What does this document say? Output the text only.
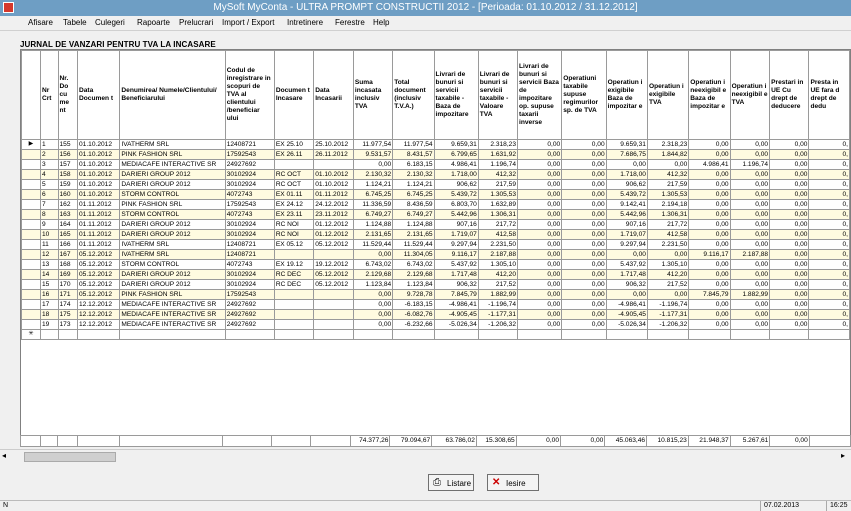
MySoft MyConta - ULTRA PROMPT CONSTRUCTII 2012 - [Perioada: 01.10.2012 / 31.12.2012]
Afisare Tabele Culegeri Rapoarte Prelucrari Import / Export Intretinere Ferestre Help
JURNAL DE VANZARI PENTRU TVA LA INCASARE
	Nr Crt	Nr. Do cu me nt	Data Documen t	Denumirea/ Numele/Clientului/ Beneficiarului	Codul de inregistrare in scopuri de TVA al clientului /beneficiar ului	Documen t Incasare	Data Incasarii	Suma incasata inclusiv TVA	Total document (inclusiv T.V.A.)	Livrari de bunuri si servicii taxabile - Baza de impozitare	Livrari de bunuri si servicii taxabile - Valoare TVA	Livrari de bunuri si servicii Baza de impozitare op. supuse taxarii inverse	Operatiuni taxabile supuse regimurilor sp. de TVA	Operatiun i exigibile Baza de impozitar e	Operatiun i exigibile TVA	Operatiun i neexigibil e Baza de impozitar e	Operatiun i neexigibil e TVA	Prestari in UE Cu drept de deducere	Presta in UE fara d drept de dedu
▶	1	155	01.10.2012	IVATHERM SRL	12408721	EX 25.10	25.10.2012	11.977,54	11.977,54	9.659,31	2.318,23	0,00	0,00	9.659,31	2.318,23	0,00	0,00	0,00	0,
	2	156	01.10.2012	PINK FASHION SRL	17592543	EX 26.11	26.11.2012	9.531,57	8.431,57	6.799,65	1.631,92	0,00	0,00	7.686,75	1.844,82	0,00	0,00	0,00	0,
	3	157	01.10.2012	MEDIACAFE INTERACTIVE SR	24927692			0,00	6.183,15	4.986,41	1.196,74	0,00	0,00	0,00	0,00	4.986,41	1.196,74	0,00	0,
	4	158	01.10.2012	DARIERI GROUP 2012	30102924	RC OCT	01.10.2012	2.130,32	2.130,32	1.718,00	412,32	0,00	0,00	1.718,00	412,32	0,00	0,00	0,00	0,
	5	159	01.10.2012	DARIERI GROUP 2012	30102924	RC OCT	01.10.2012	1.124,21	1.124,21	906,62	217,59	0,00	0,00	906,62	217,59	0,00	0,00	0,00	0,
	6	160	01.10.2012	STORM CONTROL	4072743	EX 01.11	01.11.2012	6.745,25	6.745,25	5.439,72	1.305,53	0,00	0,00	5.439,72	1.305,53	0,00	0,00	0,00	0,
	7	162	01.11.2012	PINK FASHION SRL	17592543	EX 24.12	24.12.2012	11.336,59	8.436,59	6.803,70	1.632,89	0,00	0,00	9.142,41	2.194,18	0,00	0,00	0,00	0,
	8	163	01.11.2012	STORM CONTROL	4072743	EX 23.11	23.11.2012	6.749,27	6.749,27	5.442,96	1.306,31	0,00	0,00	5.442,96	1.306,31	0,00	0,00	0,00	0,
	9	164	01.11.2012	DARIERI GROUP 2012	30102924	RC NOI	01.12.2012	1.124,88	1.124,88	907,16	217,72	0,00	0,00	907,16	217,72	0,00	0,00	0,00	0,
	10	165	01.11.2012	DARIERI GROUP 2012	30102924	RC NOI	01.12.2012	2.131,65	2.131,65	1.719,07	412,58	0,00	0,00	1.719,07	412,58	0,00	0,00	0,00	0,
	11	166	01.11.2012	IVATHERM SRL	12408721	EX 05.12	05.12.2012	11.529,44	11.529,44	9.297,94	2.231,50	0,00	0,00	9.297,94	2.231,50	0,00	0,00	0,00	0,
	12	167	05.12.2012	IVATHERM SRL	12408721			0,00	11.304,05	9.116,17	2.187,88	0,00	0,00	0,00	0,00	9.116,17	2.187,88	0,00	0,
	13	168	05.12.2012	STORM CONTROL	4072743	EX 19.12	19.12.2012	6.743,02	6.743,02	5.437,92	1.305,10	0,00	0,00	5.437,92	1.305,10	0,00	0,00	0,00	0,
	14	169	05.12.2012	DARIERI GROUP 2012	30102924	RC DEC	05.12.2012	2.129,68	2.129,68	1.717,48	412,20	0,00	0,00	1.717,48	412,20	0,00	0,00	0,00	0,
	15	170	05.12.2012	DARIERI GROUP 2012	30102924	RC DEC	05.12.2012	1.123,84	1.123,84	906,32	217,52	0,00	0,00	906,32	217,52	0,00	0,00	0,00	0,
	16	171	05.12.2012	PINK FASHION SRL	17592543			0,00	9.728,78	7.845,79	1.882,99	0,00	0,00	0,00	0,00	7.845,79	1.882,99	0,00	0,
	17	174	12.12.2012	MEDIACAFE INTERACTIVE SR	24927692			0,00	-6.183,15	-4.986,41	-1.196,74	0,00	0,00	-4.986,41	-1.196,74	0,00	0,00	0,00	0,
	18	175	12.12.2012	MEDIACAFE INTERACTIVE SR	24927692			0,00	-6.082,76	-4.905,45	-1.177,31	0,00	0,00	-4.905,45	-1.177,31	0,00	0,00	0,00	0,
	19	173	12.12.2012	MEDIACAFE INTERACTIVE SR	24927692			0,00	-6.232,66	-5.026,34	-1.206,32	0,00	0,00	-5.026,34	-1.206,32	0,00	0,00	0,00	0,
✳																			

								74.377,26	79.094,67	63.786,02	15.308,65	0,00	0,00	45.063,46	10.815,23	21.948,37	5.267,61	0,00	
◂	▸
⎙ Listare ✕ Iesire
N	07.02.2013	16:25
